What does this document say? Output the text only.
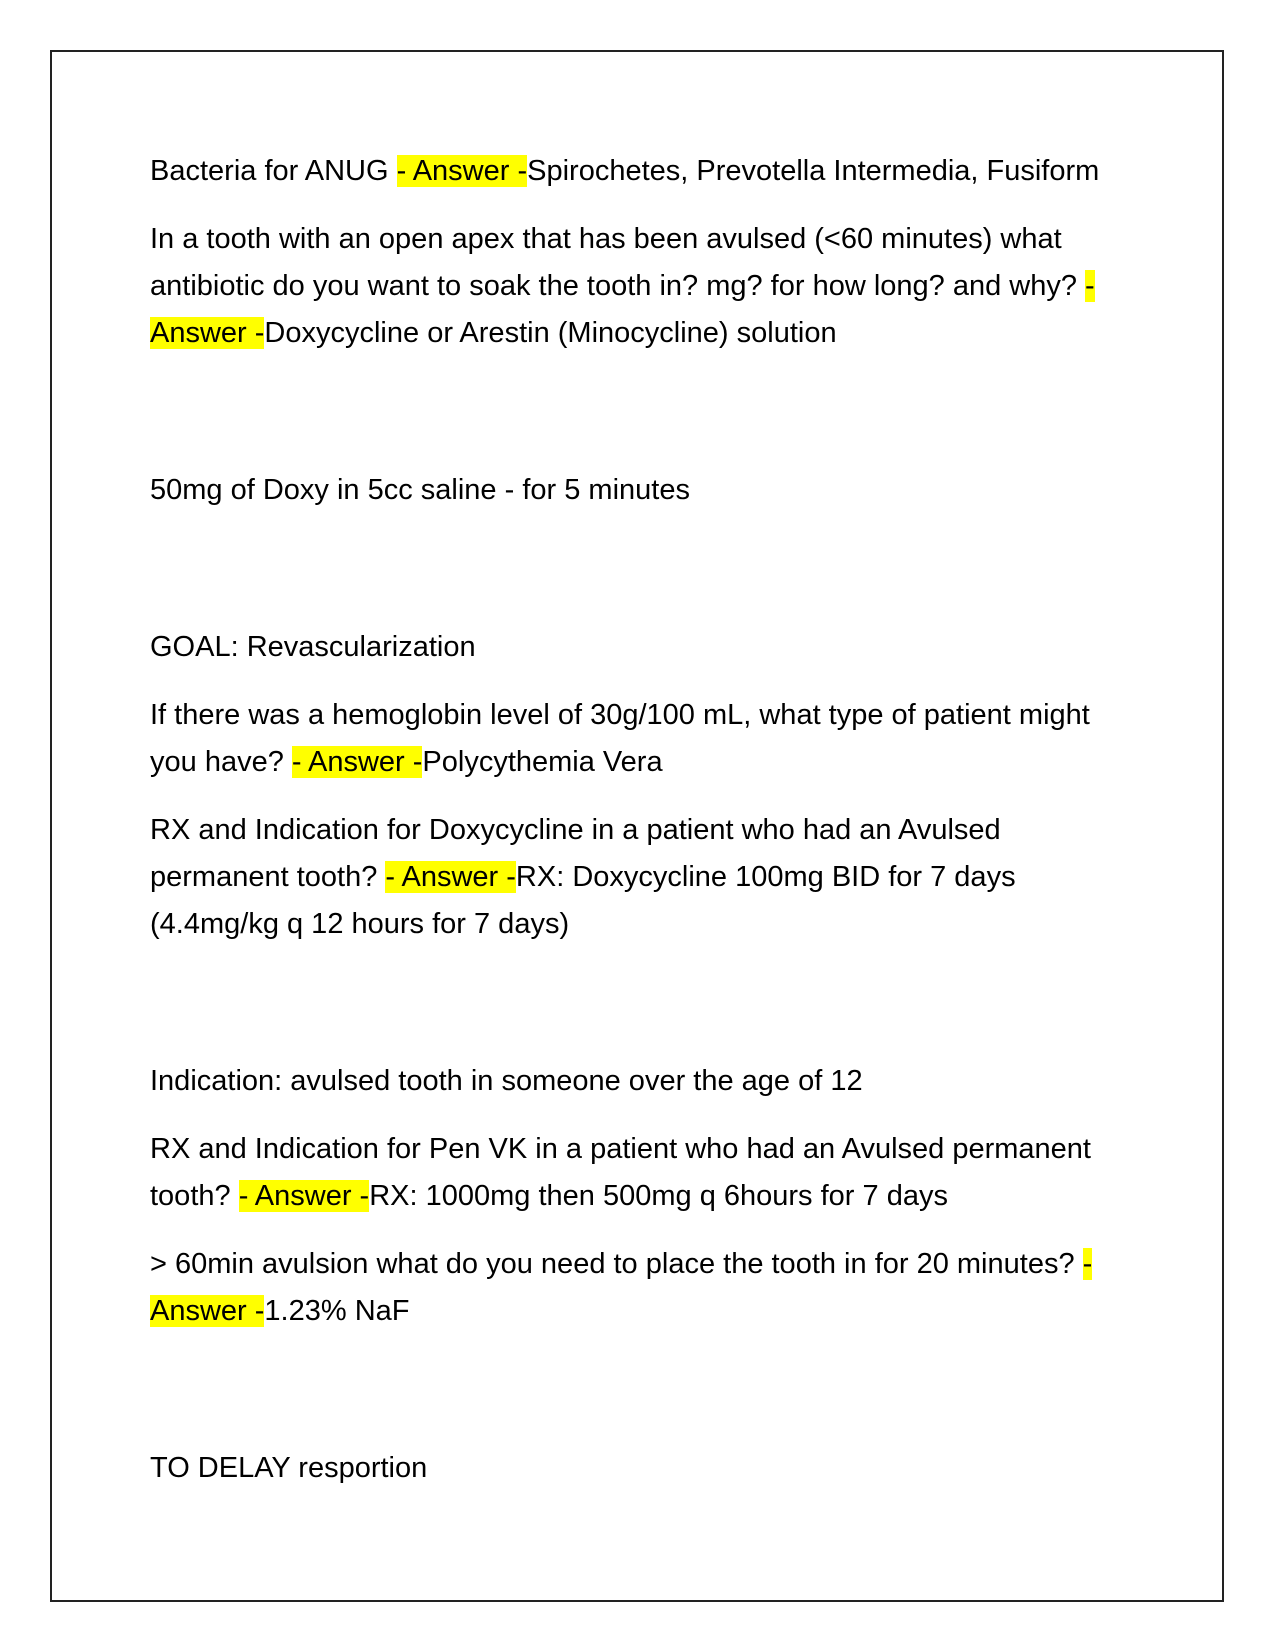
Bacteria for ANUG - Answer -Spirochetes, Prevotella Intermedia, Fusiform

In a tooth with an open apex that has been avulsed (<60 minutes) what antibiotic do you want to soak the tooth in? mg? for how long? and why? - Answer -Doxycycline or Arestin (Minocycline) solution

50mg of Doxy in 5cc saline - for 5 minutes

GOAL: Revascularization

If there was a hemoglobin level of 30g/100 mL, what type of patient might you have? - Answer -Polycythemia Vera

RX and Indication for Doxycycline in a patient who had an Avulsed permanent tooth? - Answer -RX: Doxycycline 100mg BID for 7 days (4.4mg/kg q 12 hours for 7 days)

Indication: avulsed tooth in someone over the age of 12

RX and Indication for Pen VK in a patient who had an Avulsed permanent tooth? - Answer -RX: 1000mg then 500mg q 6hours for 7 days

> 60min avulsion what do you need to place the tooth in for 20 minutes? - Answer -1.23% NaF

TO DELAY resportion
